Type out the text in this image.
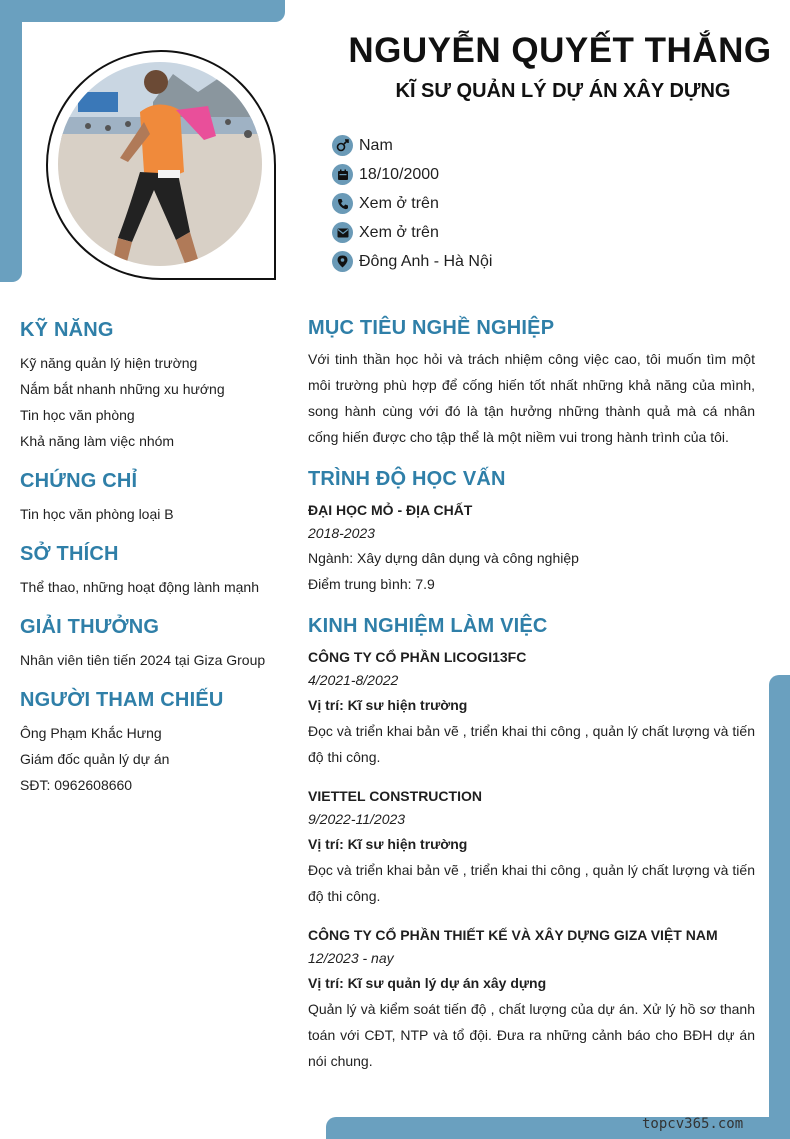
NGUYỄN QUYẾT THẮNG
KĨ SƯ QUẢN LÝ DỰ ÁN XÂY DỰNG
Nam
18/10/2000
Xem ở trên
Xem ở trên
Đông Anh - Hà Nội
KỸ NĂNG
Kỹ năng quản lý hiện trường
Nắm bắt nhanh những xu hướng
Tin học văn phòng
Khả năng làm việc nhóm
CHỨNG CHỈ
Tin học văn phòng loại B
SỞ THÍCH
Thể thao, những hoạt động lành mạnh
GIẢI THƯỞNG
Nhân viên tiên tiến 2024 tại Giza Group
NGƯỜI THAM CHIẾU
Ông Phạm Khắc Hưng
Giám đốc quản lý dự án
SĐT: 0962608660
MỤC TIÊU NGHỀ NGHIỆP
Với tinh thần học hỏi và trách nhiệm công việc cao, tôi muốn tìm một môi trường phù hợp để cống hiến tốt nhất những khả năng của mình, song hành cùng với đó là tận hưởng những thành quả mà cá nhân cống hiến được cho tập thể là một niềm vui trong hành trình của tôi.
TRÌNH ĐỘ HỌC VẤN
ĐẠI HỌC MỎ - ĐỊA CHẤT
2018-2023
Ngành: Xây dựng dân dụng và công nghiệp
Điểm trung bình: 7.9
KINH NGHIỆM LÀM VIỆC
CÔNG TY CỔ PHẦN LICOGI13FC
4/2021-8/2022
Vị trí: Kĩ sư hiện trường
Đọc và triển khai bản vẽ , triển khai thi công , quản lý chất lượng và tiến độ thi công.
VIETTEL CONSTRUCTION
9/2022-11/2023
Vị trí: Kĩ sư hiện trường
Đọc và triển khai bản vẽ , triển khai thi công , quản lý chất lượng và tiến độ thi công.
CÔNG TY CỔ PHẦN THIẾT KẾ VÀ XÂY DỰNG GIZA VIỆT NAM
12/2023 - nay
Vị trí: Kĩ sư quản lý dự án xây dựng
Quản lý và kiểm soát tiến độ , chất lượng của dự án. Xử lý hồ sơ thanh toán với CĐT, NTP và tổ đội. Đưa ra những cảnh báo cho BĐH dự án nói chung.
topcv365.com
